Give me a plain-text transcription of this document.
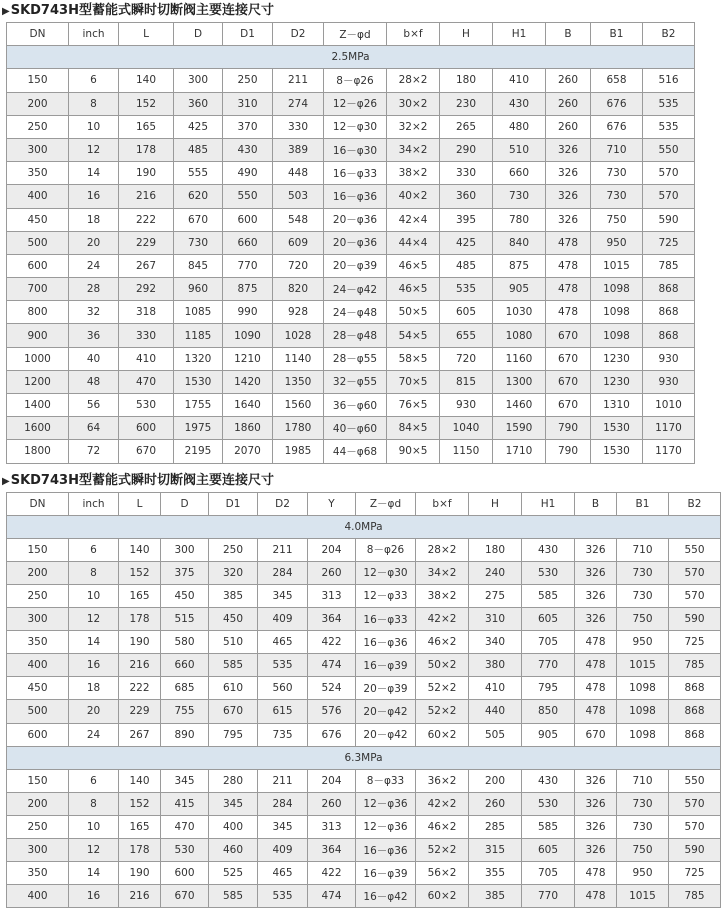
▶SKD743H型蓄能式瞬时切断阀主要连接尺寸
DN	inch	L	D	D1	D2	Z－φd	b×f	H	H1	B	B1	B2
2.5MPa												
150	6	140	300	250	211	8－φ26	28×2	180	410	260	658	516
200	8	152	360	310	274	12－φ26	30×2	230	430	260	676	535
250	10	165	425	370	330	12－φ30	32×2	265	480	260	676	535
300	12	178	485	430	389	16－φ30	34×2	290	510	326	710	550
350	14	190	555	490	448	16－φ33	38×2	330	660	326	730	570
400	16	216	620	550	503	16－φ36	40×2	360	730	326	730	570
450	18	222	670	600	548	20－φ36	42×4	395	780	326	750	590
500	20	229	730	660	609	20－φ36	44×4	425	840	478	950	725
600	24	267	845	770	720	20－φ39	46×5	485	875	478	1015	785
700	28	292	960	875	820	24－φ42	46×5	535	905	478	1098	868
800	32	318	1085	990	928	24－φ48	50×5	605	1030	478	1098	868
900	36	330	1185	1090	1028	28－φ48	54×5	655	1080	670	1098	868
1000	40	410	1320	1210	1140	28－φ55	58×5	720	1160	670	1230	930
1200	48	470	1530	1420	1350	32－φ55	70×5	815	1300	670	1230	930
1400	56	530	1755	1640	1560	36－φ60	76×5	930	1460	670	1310	1010
1600	64	600	1975	1860	1780	40－φ60	84×5	1040	1590	790	1530	1170
1800	72	670	2195	2070	1985	44－φ68	90×5	1150	1710	790	1530	1170
▶SKD743H型蓄能式瞬时切断阀主要连接尺寸
DN	inch	L	D	D1	D2	Y	Z－φd	b×f	H	H1	B	B1	B2
4.0MPa													
150	6	140	300	250	211	204	8－φ26	28×2	180	430	326	710	550
200	8	152	375	320	284	260	12－φ30	34×2	240	530	326	730	570
250	10	165	450	385	345	313	12－φ33	38×2	275	585	326	730	570
300	12	178	515	450	409	364	16－φ33	42×2	310	605	326	750	590
350	14	190	580	510	465	422	16－φ36	46×2	340	705	478	950	725
400	16	216	660	585	535	474	16－φ39	50×2	380	770	478	1015	785
450	18	222	685	610	560	524	20－φ39	52×2	410	795	478	1098	868
500	20	229	755	670	615	576	20－φ42	52×2	440	850	478	1098	868
600	24	267	890	795	735	676	20－φ42	60×2	505	905	670	1098	868
6.3MPa													
150	6	140	345	280	211	204	8－φ33	36×2	200	430	326	710	550
200	8	152	415	345	284	260	12－φ36	42×2	260	530	326	730	570
250	10	165	470	400	345	313	12－φ36	46×2	285	585	326	730	570
300	12	178	530	460	409	364	16－φ36	52×2	315	605	326	750	590
350	14	190	600	525	465	422	16－φ39	56×2	355	705	478	950	725
400	16	216	670	585	535	474	16－φ42	60×2	385	770	478	1015	785
